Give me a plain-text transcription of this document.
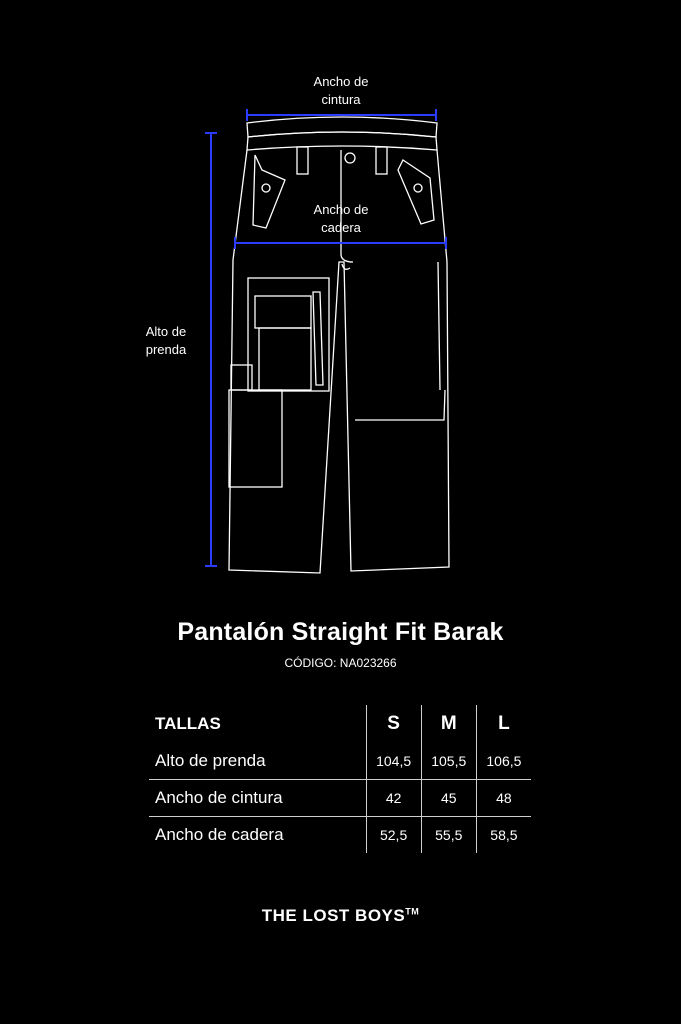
Ancho de
cintura
Ancho de
cadera
Alto de
prenda
Pantalón Straight Fit Barak
CÓDIGO: NA023266
TALLAS	S	M	L
Alto de prenda	104,5	105,5	106,5
Ancho de cintura	42	45	48
Ancho de cadera	52,5	55,5	58,5
THE LOST BOYS™
